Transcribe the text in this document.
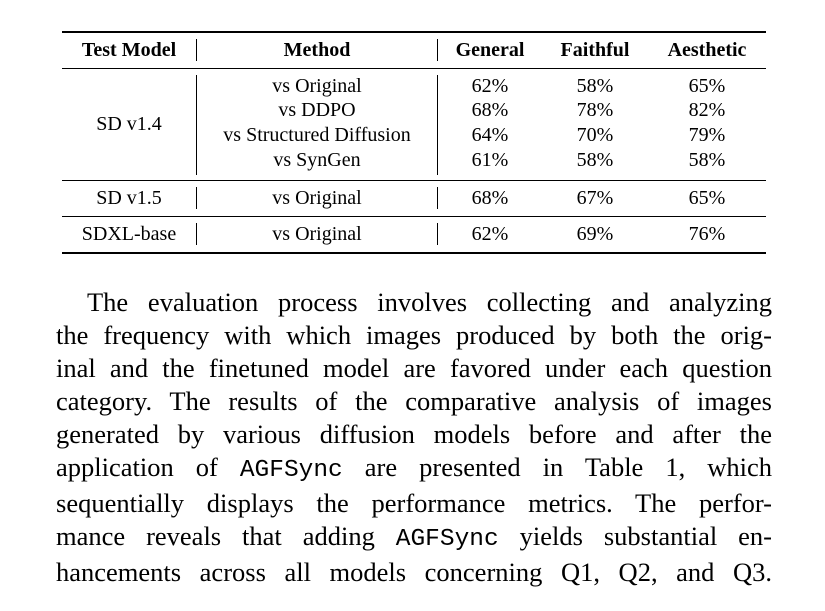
Test Model	Method	General Faithful Aesthetic
SD v1.4
vs Original	62%	58%	65%
vs DDPO	68%	78%	82%
vs Structured Diffusion	64%	70%	79%
vs SynGen	61%	58%	58%
SD v1.5	vs Original	68%	67%	65%
SDXL-base	vs Original	62%	69%	76%
The evaluation process involves collecting and analyzing
the frequency with which images produced by both the orig-
inal and the finetuned model are favored under each question
category. The results of the comparative analysis of images
generated by various diffusion models before and after the
application of AGFSync are presented in Table 1, which
sequentially displays the performance metrics. The perfor-
mance reveals that adding AGFSync yields substantial en-
hancements across all models concerning Q1, Q2, and Q3.
